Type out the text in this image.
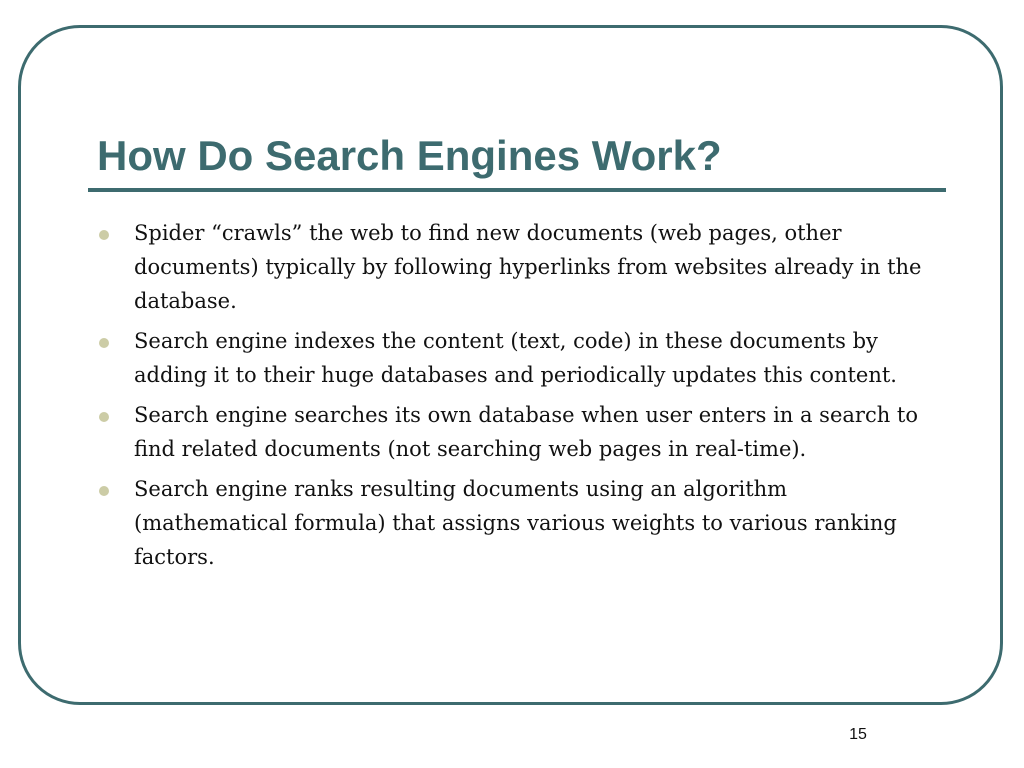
How Do Search Engines Work?
Spider “crawls” the web to find new documents (web pages, other documents) typically by following hyperlinks from websites already in the database.
Search engine indexes the content (text, code) in these documents by adding it to their huge databases and periodically updates this content.
Search engine searches its own database when user enters in a search to find related documents (not searching web pages in real-time).
Search engine ranks resulting documents using an algorithm (mathematical formula) that assigns various weights to various ranking factors.
15
